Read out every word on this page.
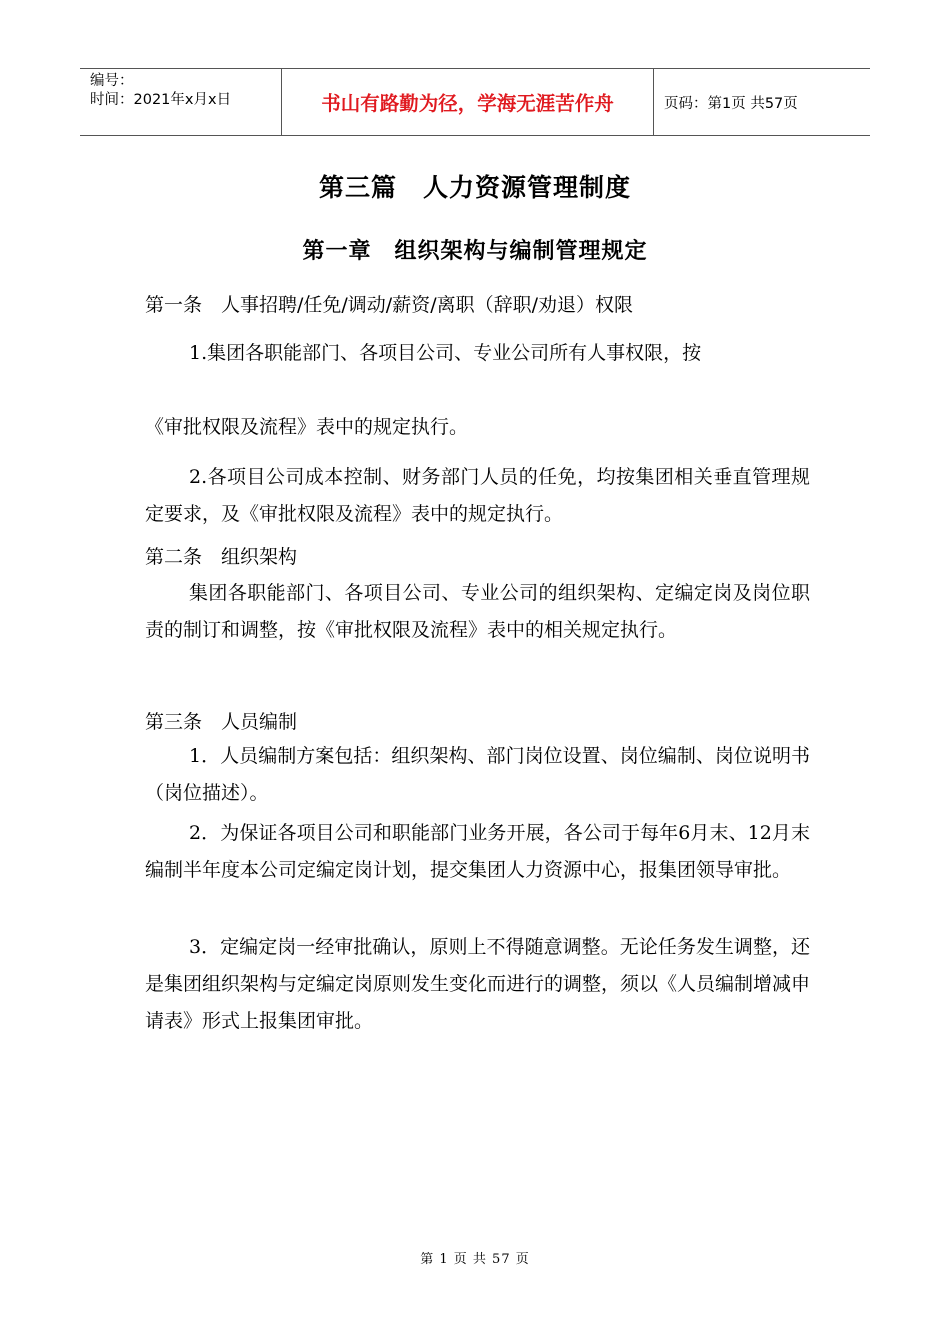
编号：
时间：2021年x月x日	书山有路勤为径，学海无涯苦作舟	页码：第1页 共57页
第三篇　人力资源管理制度
第一章　组织架构与编制管理规定
第一条　人事招聘/任免/调动/薪资/离职（辞职/劝退）权限
1.集团各职能部门、各项目公司、专业公司所有人事权限，按
《审批权限及流程》表中的规定执行。
2.各项目公司成本控制、财务部门人员的任免，均按集团相关垂直管理规定要求，及《审批权限及流程》表中的规定执行。
第二条　组织架构
集团各职能部门、各项目公司、专业公司的组织架构、定编定岗及岗位职责的制订和调整，按《审批权限及流程》表中的相关规定执行。
第三条　人员编制
1．人员编制方案包括：组织架构、部门岗位设置、岗位编制、岗位说明书（岗位描述）。
2．为保证各项目公司和职能部门业务开展，各公司于每年6月末、12月末编制半年度本公司定编定岗计划，提交集团人力资源中心，报集团领导审批。
3．定编定岗一经审批确认，原则上不得随意调整。无论任务发生调整，还是集团组织架构与定编定岗原则发生变化而进行的调整，须以《人员编制增减申请表》形式上报集团审批。
第 1 页 共 57 页
